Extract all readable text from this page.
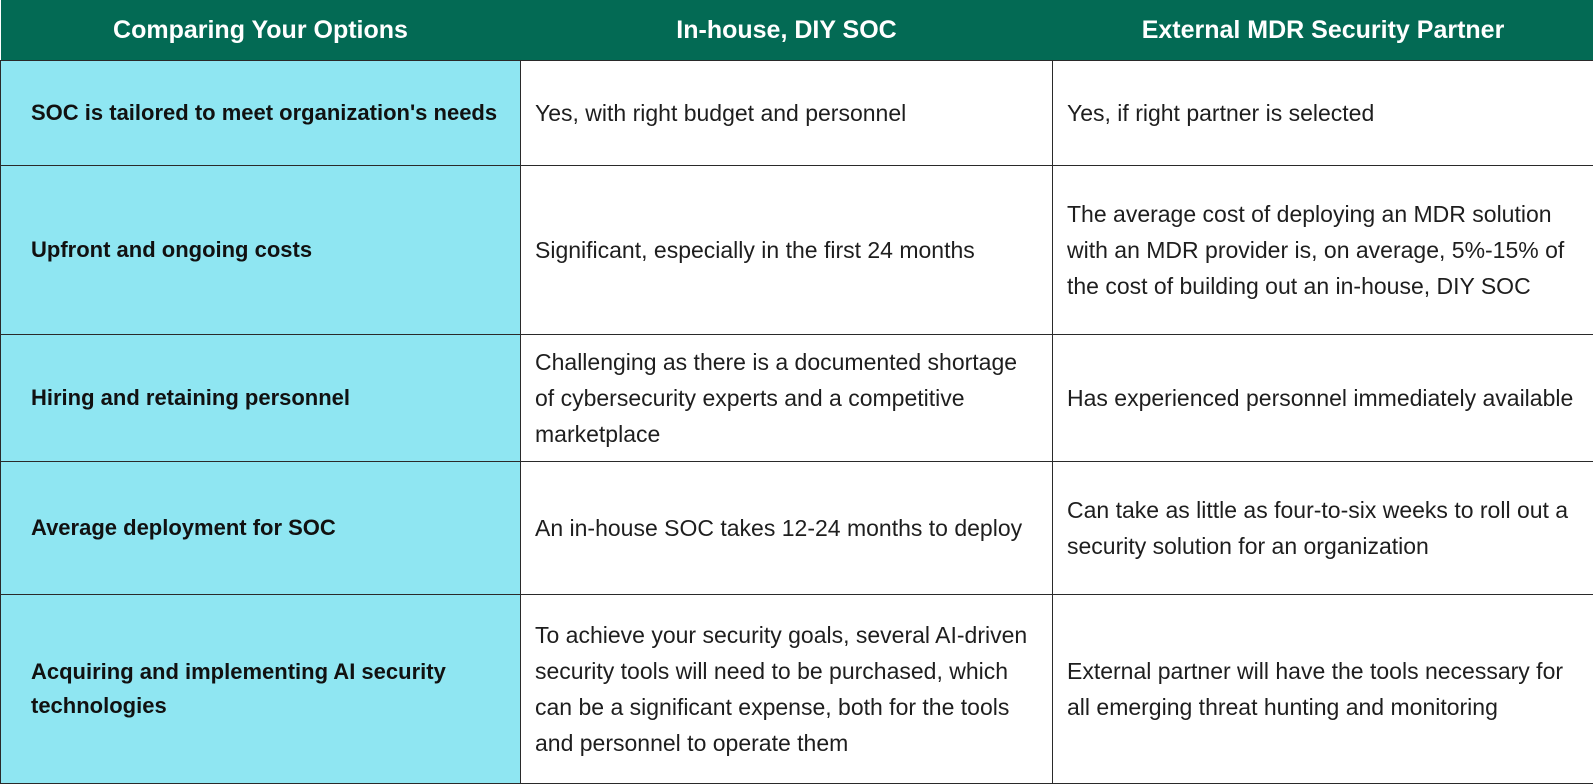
Comparing Your Options	In-house, DIY SOC	External MDR Security Partner
SOC is tailored to meet organization's needs	Yes, with right budget and personnel	Yes, if right partner is selected
Upfront and ongoing costs	Significant, especially in the first 24 months	The average cost of deploying an MDR solution with an MDR provider is, on average, 5%-15% of the cost of building out an in-house, DIY SOC
Hiring and retaining personnel	Challenging as there is a documented shortage of cybersecurity experts and a competitive marketplace	Has experienced personnel immediately available
Average deployment for SOC	An in-house SOC takes 12-24 months to deploy	Can take as little as four-to-six weeks to roll out a security solution for an organization
Acquiring and implementing AI security technologies	To achieve your security goals, several AI-driven security tools will need to be purchased, which can be a significant expense, both for the tools and personnel to operate them	External partner will have the tools necessary for all emerging threat hunting and monitoring
